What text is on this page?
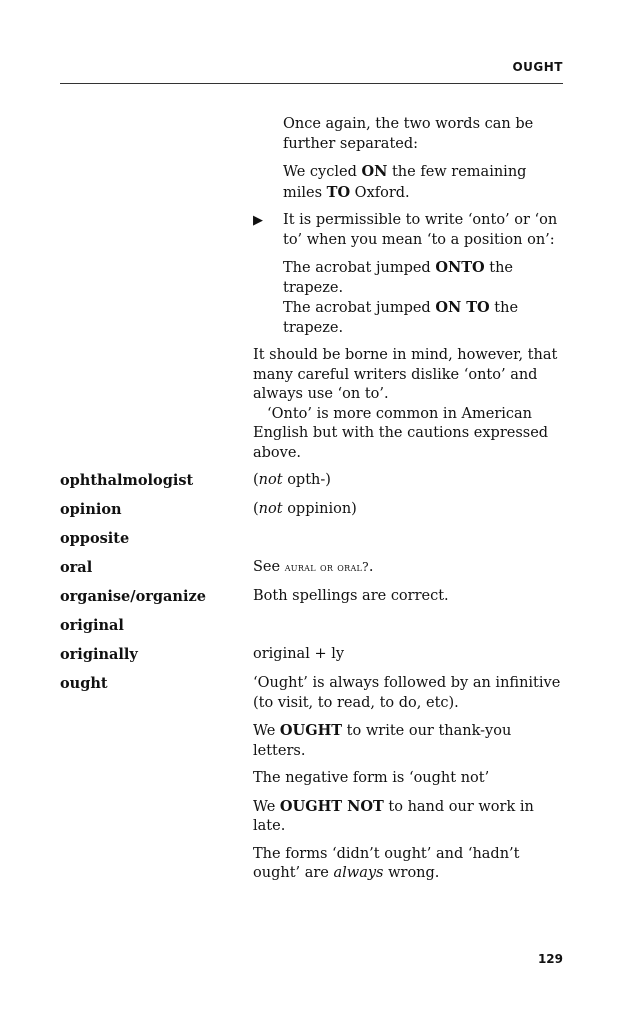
OUGHT

Once again, the two words can be further separated:

We cycled ON the few remaining miles TO Oxford.

▶ It is permissible to write ‘onto’ or ‘on to’ when you mean ‘to a position on’:

The acrobat jumped ONTO the trapeze.

The acrobat jumped ON TO the trapeze.

It should be borne in mind, however, that many careful writers dislike ‘onto’ and always use ‘on to’.

‘Onto’ is more common in American English but with the cautions expressed above.

ophthalmologist	(not opth-)
opinion	(not oppinion)
opposite
oral	See aural or oral?.
organise/organize	Both spellings are correct.
original
originally	original + ly
ought	‘Ought’ is always followed by an infinitive (to visit, to read, to do, etc).

We OUGHT to write our thank-you letters.

The negative form is ‘ought not’

We OUGHT NOT to hand our work in late.

The forms ‘didn’t ought’ and ‘hadn’t ought’ are always wrong.

129
